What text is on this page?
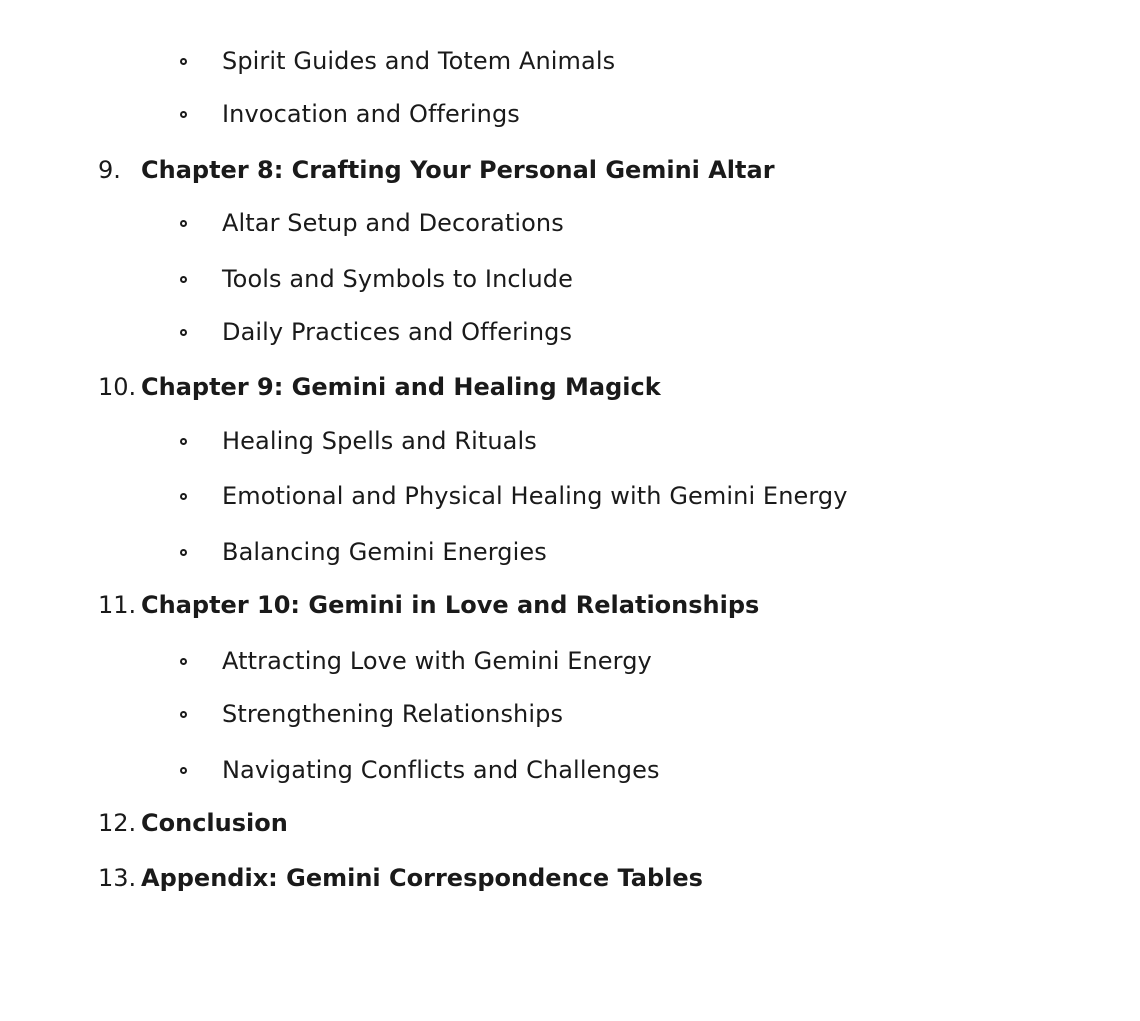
Spirit Guides and Totem Animals
Invocation and Offerings
9. Chapter 8: Crafting Your Personal Gemini Altar
Altar Setup and Decorations
Tools and Symbols to Include
Daily Practices and Offerings
10. Chapter 9: Gemini and Healing Magick
Healing Spells and Rituals
Emotional and Physical Healing with Gemini Energy
Balancing Gemini Energies
11. Chapter 10: Gemini in Love and Relationships
Attracting Love with Gemini Energy
Strengthening Relationships
Navigating Conflicts and Challenges
12. Conclusion
13. Appendix: Gemini Correspondence Tables
